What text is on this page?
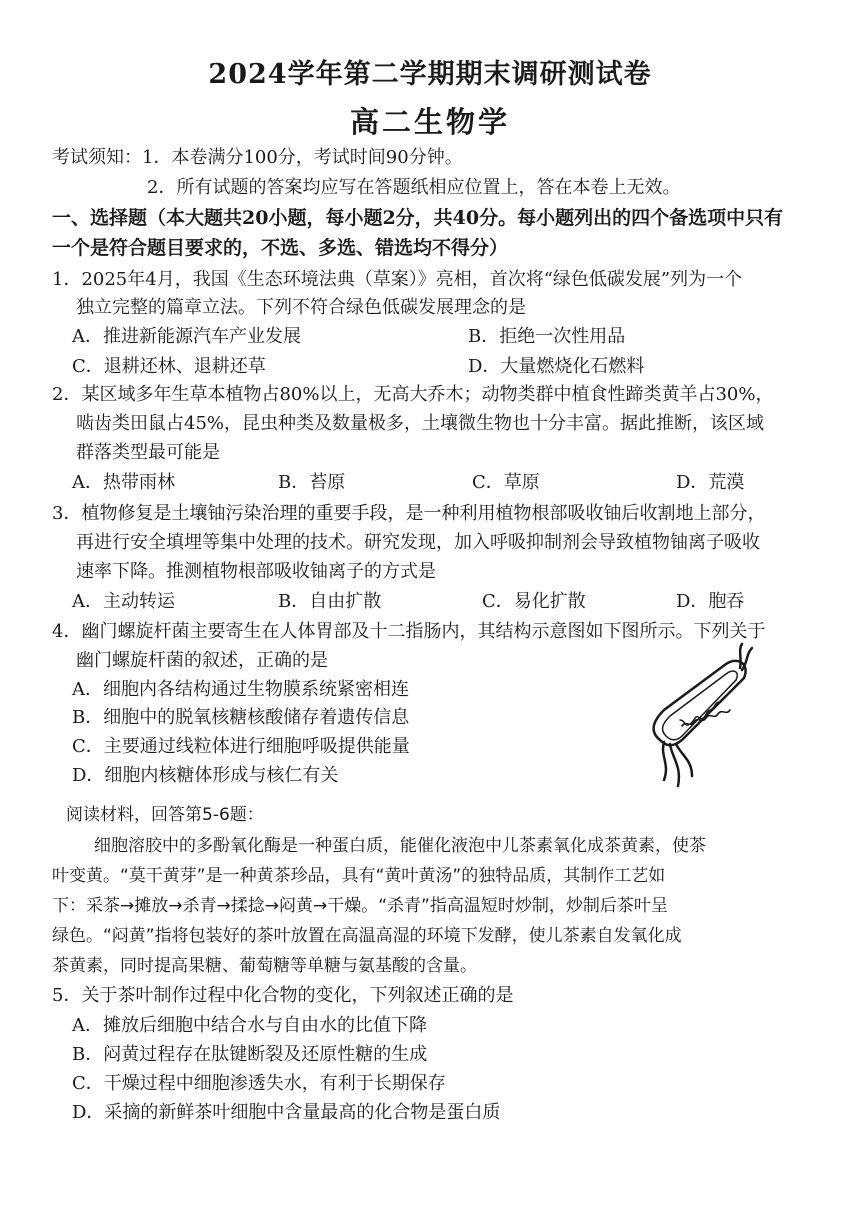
2024学年第二学期期末调研测试卷
高二生物学
考试须知：1．本卷满分100分，考试时间90分钟。
2．所有试题的答案均应写在答题纸相应位置上，答在本卷上无效。
一、选择题（本大题共20小题，每小题2分，共40分。每小题列出的四个备选项中只有
一个是符合题目要求的，不选、多选、错选均不得分）
1．2025年4月，我国《生态环境法典（草案）》亮相，首次将“绿色低碳发展”列为一个
独立完整的篇章立法。下列不符合绿色低碳发展理念的是
A．推进新能源汽车产业发展	B．拒绝一次性用品
C．退耕还林、退耕还草	D．大量燃烧化石燃料
2．某区域多年生草本植物占80%以上，无高大乔木；动物类群中植食性蹄类黄羊占30%，
啮齿类田鼠占45%，昆虫种类及数量极多，土壤微生物也十分丰富。据此推断，该区域
群落类型最可能是
A．热带雨林	B．苔原	C．草原	D．荒漠
3．植物修复是土壤铀污染治理的重要手段，是一种利用植物根部吸收铀后收割地上部分，
再进行安全填埋等集中处理的技术。研究发现，加入呼吸抑制剂会导致植物铀离子吸收
速率下降。推测植物根部吸收铀离子的方式是
A．主动转运	B．自由扩散	C．易化扩散	D．胞吞
4．幽门螺旋杆菌主要寄生在人体胃部及十二指肠内，其结构示意图如下图所示。下列关于
幽门螺旋杆菌的叙述，正确的是
A．细胞内各结构通过生物膜系统紧密相连
B．细胞中的脱氧核糖核酸储存着遗传信息
C．主要通过线粒体进行细胞呼吸提供能量
D．细胞内核糖体形成与核仁有关
阅读材料，回答第5-6题：
细胞溶胶中的多酚氧化酶是一种蛋白质，能催化液泡中儿茶素氧化成茶黄素，使茶
叶变黄。“莫干黄芽”是一种黄茶珍品，具有“黄叶黄汤”的独特品质，其制作工艺如
下：采茶→摊放→杀青→揉捻→闷黄→干燥。“杀青”指高温短时炒制，炒制后茶叶呈
绿色。“闷黄”指将包装好的茶叶放置在高温高湿的环境下发酵，使儿茶素自发氧化成
茶黄素，同时提高果糖、葡萄糖等单糖与氨基酸的含量。
5．关于茶叶制作过程中化合物的变化，下列叙述正确的是
A．摊放后细胞中结合水与自由水的比值下降
B．闷黄过程存在肽键断裂及还原性糖的生成
C．干燥过程中细胞渗透失水，有利于长期保存
D．采摘的新鲜茶叶细胞中含量最高的化合物是蛋白质
